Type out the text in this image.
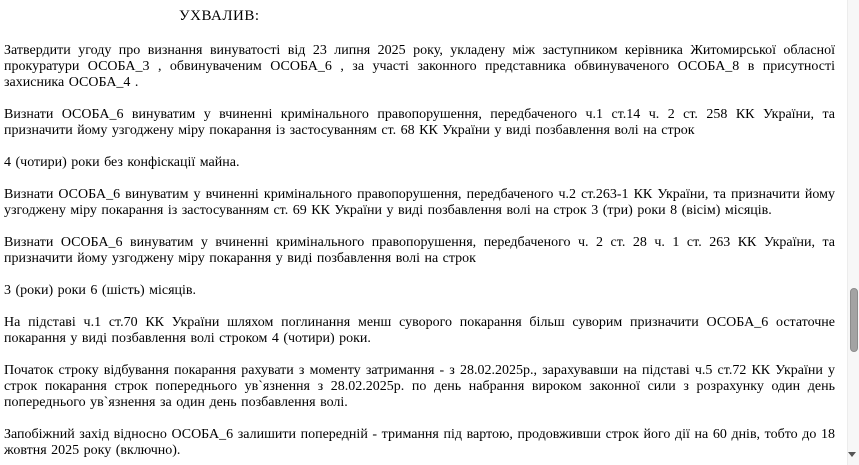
УХВАЛИВ:

Затвердити угоду про визнання винуватості від 23 липня 2025 року, укладену між заступником керівника Житомирської обласної прокуратури ОСОБА_3 , обвинуваченим ОСОБА_6 , за участі законного представника обвинуваченого ОСОБА_8 в присутності захисника ОСОБА_4 .

Визнати ОСОБА_6 винуватим у вчиненні кримінального правопорушення, передбаченого ч.1 ст.14 ч. 2 ст. 258 КК України, та призначити йому узгоджену міру покарання із застосуванням ст. 68 КК України у виді позбавлення волі на строк

4 (чотири) роки без конфіскації майна.

Визнати ОСОБА_6 винуватим у вчиненні кримінального правопорушення, передбаченого ч.2 ст.263-1 КК України, та призначити йому узгоджену міру покарання із застосуванням ст. 69 КК України у виді позбавлення волі на строк 3 (три) роки 8 (вісім) місяців.

Визнати ОСОБА_6 винуватим у вчиненні кримінального правопорушення, передбаченого ч. 2 ст. 28 ч. 1 ст. 263 КК України, та призначити йому узгоджену міру покарання у виді позбавлення волі на строк

3 (роки) роки 6 (шість) місяців.

На підставі ч.1 ст.70 КК України шляхом поглинання менш суворого покарання більш суворим призначити ОСОБА_6 остаточне покарання у виді позбавлення волі строком 4 (чотири) роки.

Початок строку відбування покарання рахувати з моменту затримання - з 28.02.2025р., зарахувавши на підставі ч.5 ст.72 КК України у строк покарання строк попереднього ув`язнення з 28.02.2025р. по день набрання вироком законної сили з розрахунку один день попереднього ув`язнення за один день позбавлення волі.

Запобіжний захід відносно ОСОБА_6 залишити попередній - тримання під вартою, продовживши строк його дії на 60 днів, тобто до 18 жовтня 2025 року (включно).
